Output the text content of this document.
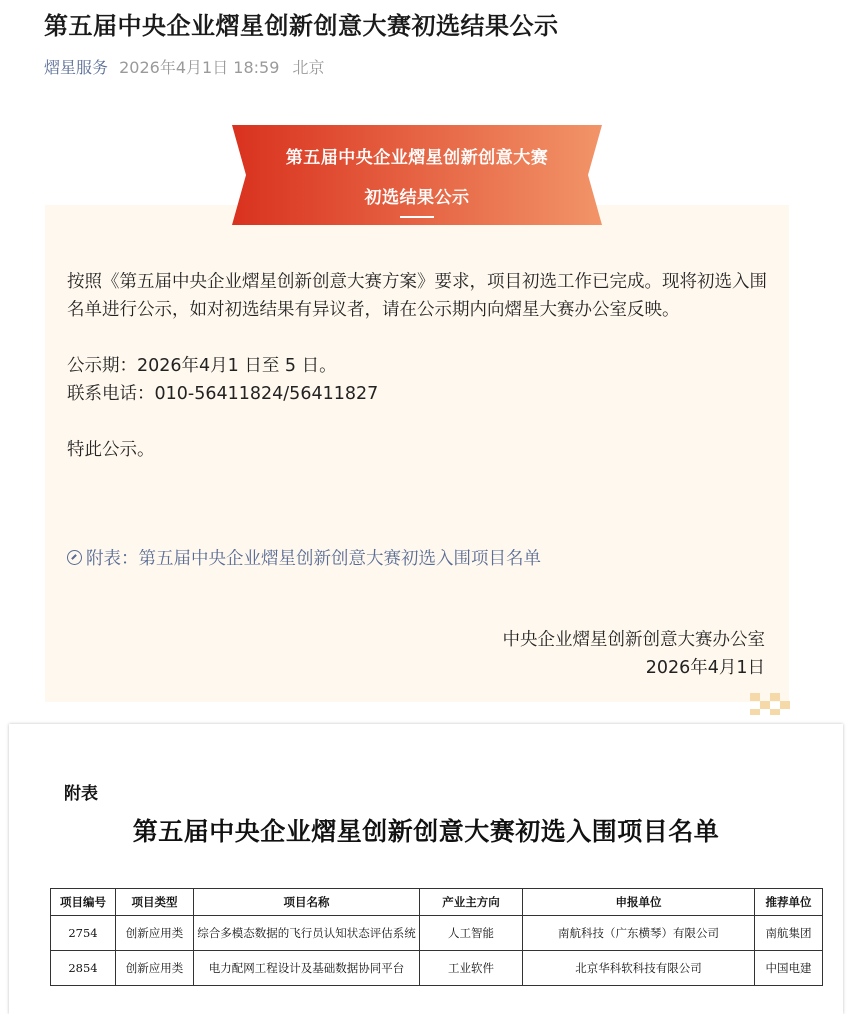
第五届中央企业熠星创新创意大赛初选结果公示
熠星服务 2026年4月1日 18:59 北京
第五届中央企业熠星创新创意大赛
初选结果公示

按照《第五届中央企业熠星创新创意大赛方案》要求，项目初选工作已完成。现将初选入围名单进行公示，如对初选结果有异议者，请在公示期内向熠星大赛办公室反映。

公示期：2026年4月1 日至 5 日。

联系电话：010-56411824/56411827

特此公示。

附表：第五届中央企业熠星创新创意大赛初选入围项目名单
中央企业熠星创新创意大赛办公室
2026年4月1日
附表
第五届中央企业熠星创新创意大赛初选入围项目名单
项目编号	项目类型	项目名称	产业主方向	申报单位	推荐单位
2754	创新应用类	综合多模态数据的飞行员认知状态评估系统	人工智能	南航科技（广东横琴）有限公司	南航集团
2854	创新应用类	电力配网工程设计及基础数据协同平台	工业软件	北京华科软科技有限公司	中国电建
